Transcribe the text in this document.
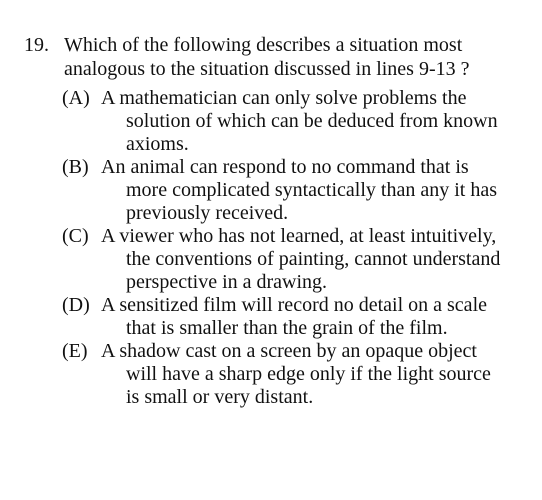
19. Which of the following describes a situation most analogous to the situation discussed in lines 9-13 ?
(A) A mathematician can only solve problems the solution of which can be deduced from known axioms.
(B) An animal can respond to no command that is more complicated syntactically than any it has previously received.
(C) A viewer who has not learned, at least intuitively, the conventions of painting, cannot understand perspective in a drawing.
(D) A sensitized film will record no detail on a scale that is smaller than the grain of the film.
(E) A shadow cast on a screen by an opaque object will have a sharp edge only if the light source is small or very distant.
